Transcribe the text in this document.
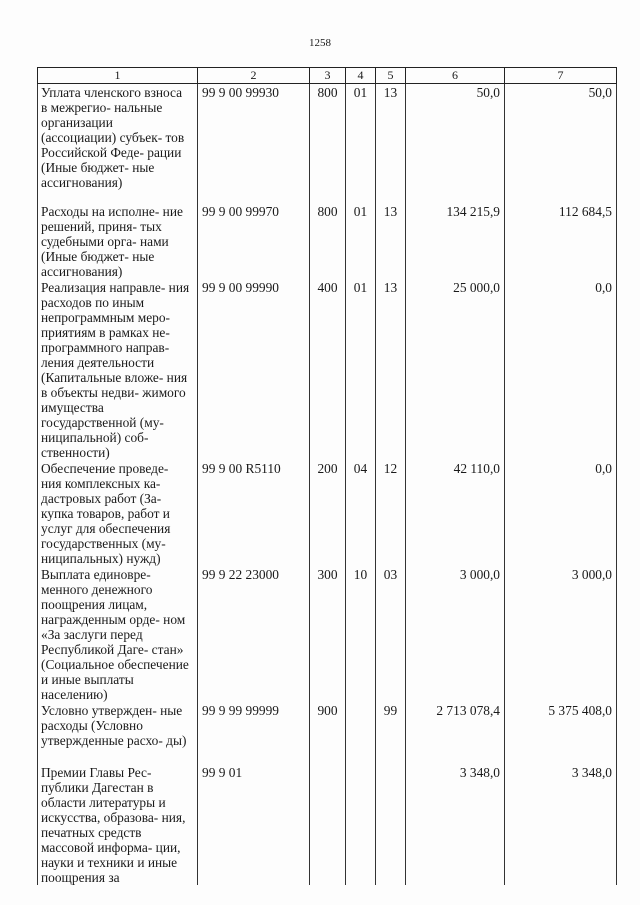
1258
1	2	3	4	5	6	7
Уплата членского взноса в межрегио- нальные организации (ассоциации) субъек- тов Российской Феде- рации (Иные бюджет- ные ассигнования)	99 9 00 99930	800	01	13	50,0	50,0
Расходы на исполне- ние решений, приня- тых судебными орга- нами (Иные бюджет- ные ассигнования)	99 9 00 99970	800	01	13	134 215,9	112 684,5
Реализация направле- ния расходов по иным непрограммным меро- приятиям в рамках не- программного направ- ления деятельности (Капитальные вложе- ния в объекты недви- жимого имущества государственной (му- ниципальной) соб- ственности)	99 9 00 99990	400	01	13	25 000,0	0,0
Обеспечение проведе- ния комплексных ка- дастровых работ (За- купка товаров, работ и услуг для обеспечения государственных (му- ниципальных) нужд)	99 9 00 R5110	200	04	12	42 110,0	0,0
Выплата единовре- менного денежного поощрения лицам, награжденным орде- ном «За заслуги перед Республикой Даге- стан» (Социальное обеспечение и иные выплаты населению)	99 9 22 23000	300	10	03	3 000,0	3 000,0
Условно утвержден- ные расходы (Условно утвержденные расхо- ды)	99 9 99 99999	900		99	2 713 078,4	5 375 408,0
Премии Главы Рес- публики Дагестан в области литературы и искусства, образова- ния, печатных средств массовой информа- ции, науки и техники и иные поощрения за	99 9 01				3 348,0	3 348,0
